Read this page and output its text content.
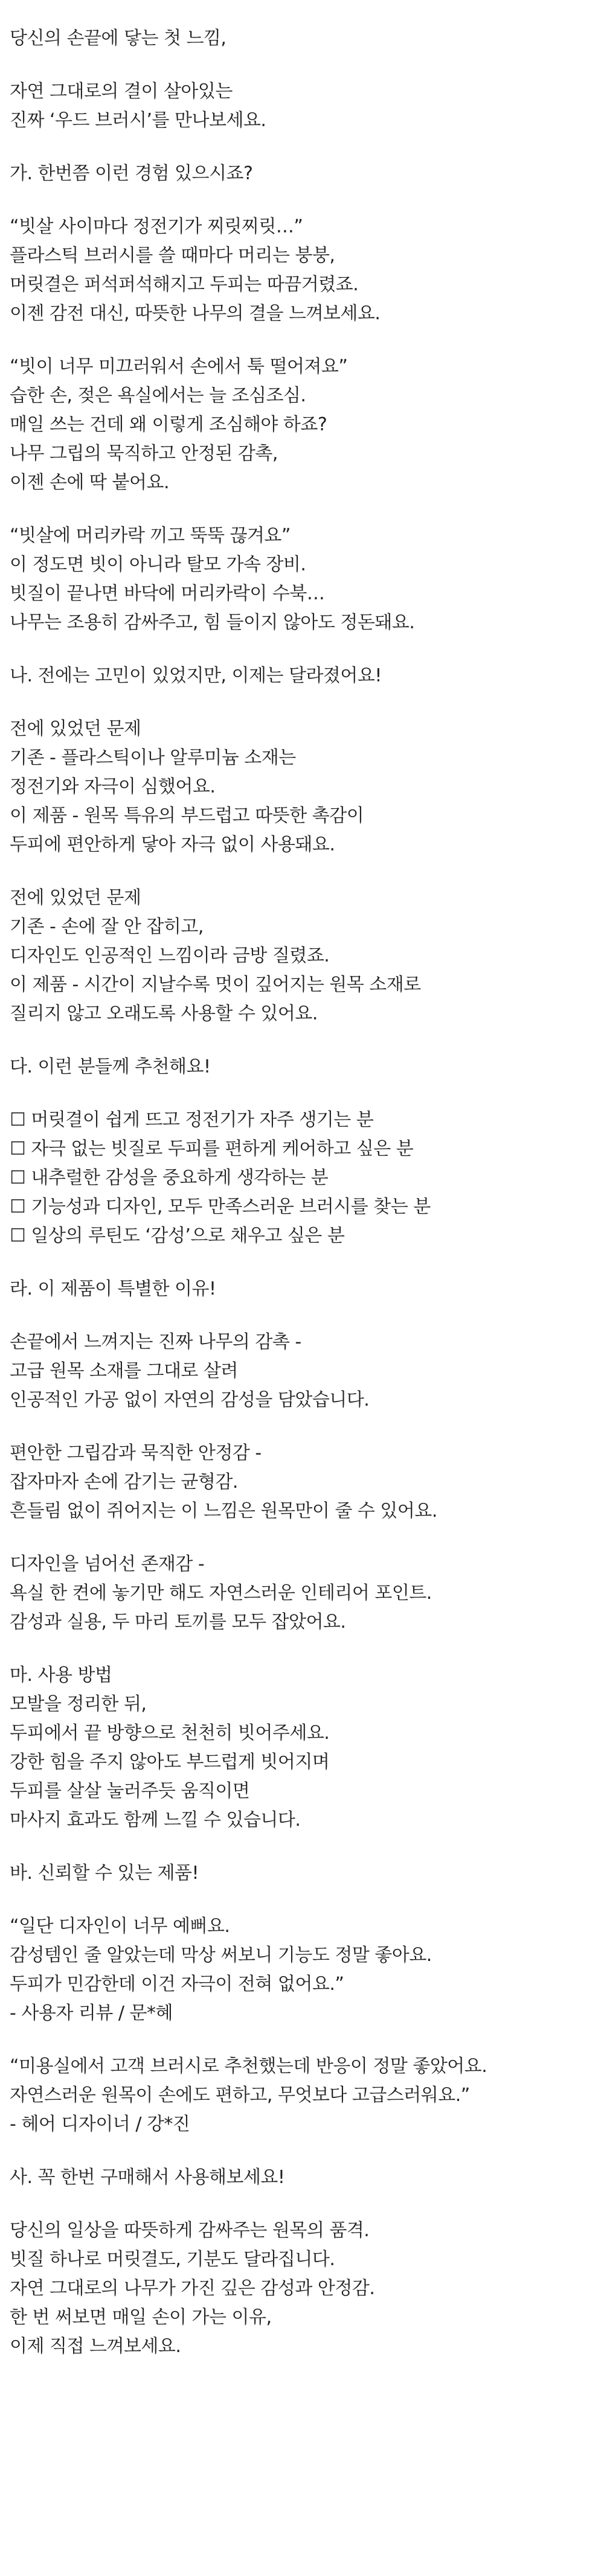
당신의 손끝에 닿는 첫 느낌,
자연 그대로의 결이 살아있는
진짜 ‘우드 브러시’를 만나보세요.
가. 한번쯤 이런 경험 있으시죠?
“빗살 사이마다 정전기가 찌릿찌릿…”
플라스틱 브러시를 쓸 때마다 머리는 붕붕,
머릿결은 퍼석퍼석해지고 두피는 따끔거렸죠.
이젠 감전 대신, 따뜻한 나무의 결을 느껴보세요.
“빗이 너무 미끄러워서 손에서 툭 떨어져요”
습한 손, 젖은 욕실에서는 늘 조심조심.
매일 쓰는 건데 왜 이렇게 조심해야 하죠?
나무 그립의 묵직하고 안정된 감촉,
이젠 손에 딱 붙어요.
“빗살에 머리카락 끼고 뚝뚝 끊겨요”
이 정도면 빗이 아니라 탈모 가속 장비.
빗질이 끝나면 바닥에 머리카락이 수북…
나무는 조용히 감싸주고, 힘 들이지 않아도 정돈돼요.
나. 전에는 고민이 있었지만, 이제는 달라졌어요!
전에 있었던 문제
기존 - 플라스틱이나 알루미늄 소재는
정전기와 자극이 심했어요.
이 제품 - 원목 특유의 부드럽고 따뜻한 촉감이
두피에 편안하게 닿아 자극 없이 사용돼요.
전에 있었던 문제
기존 - 손에 잘 안 잡히고,
디자인도 인공적인 느낌이라 금방 질렸죠.
이 제품 - 시간이 지날수록 멋이 깊어지는 원목 소재로
질리지 않고 오래도록 사용할 수 있어요.
다. 이런 분들께 추천해요!
☐ 머릿결이 쉽게 뜨고 정전기가 자주 생기는 분
☐ 자극 없는 빗질로 두피를 편하게 케어하고 싶은 분
☐ 내추럴한 감성을 중요하게 생각하는 분
☐ 기능성과 디자인, 모두 만족스러운 브러시를 찾는 분
☐ 일상의 루틴도 ‘감성’으로 채우고 싶은 분
라. 이 제품이 특별한 이유!
손끝에서 느껴지는 진짜 나무의 감촉 -
고급 원목 소재를 그대로 살려
인공적인 가공 없이 자연의 감성을 담았습니다.
편안한 그립감과 묵직한 안정감 -
잡자마자 손에 감기는 균형감.
흔들림 없이 쥐어지는 이 느낌은 원목만이 줄 수 있어요.
디자인을 넘어선 존재감 -
욕실 한 켠에 놓기만 해도 자연스러운 인테리어 포인트.
감성과 실용, 두 마리 토끼를 모두 잡았어요.
마. 사용 방법
모발을 정리한 뒤,
두피에서 끝 방향으로 천천히 빗어주세요.
강한 힘을 주지 않아도 부드럽게 빗어지며
두피를 살살 눌러주듯 움직이면
마사지 효과도 함께 느낄 수 있습니다.
바. 신뢰할 수 있는 제품!
“일단 디자인이 너무 예뻐요.
감성템인 줄 알았는데 막상 써보니 기능도 정말 좋아요.
두피가 민감한데 이건 자극이 전혀 없어요.”
- 사용자 리뷰 / 문*혜
“미용실에서 고객 브러시로 추천했는데 반응이 정말 좋았어요.
자연스러운 원목이 손에도 편하고, 무엇보다 고급스러워요.”
- 헤어 디자이너 / 강*진
사. 꼭 한번 구매해서 사용해보세요!
당신의 일상을 따뜻하게 감싸주는 원목의 품격.
빗질 하나로 머릿결도, 기분도 달라집니다.
자연 그대로의 나무가 가진 깊은 감성과 안정감.
한 번 써보면 매일 손이 가는 이유,
이제 직접 느껴보세요.
